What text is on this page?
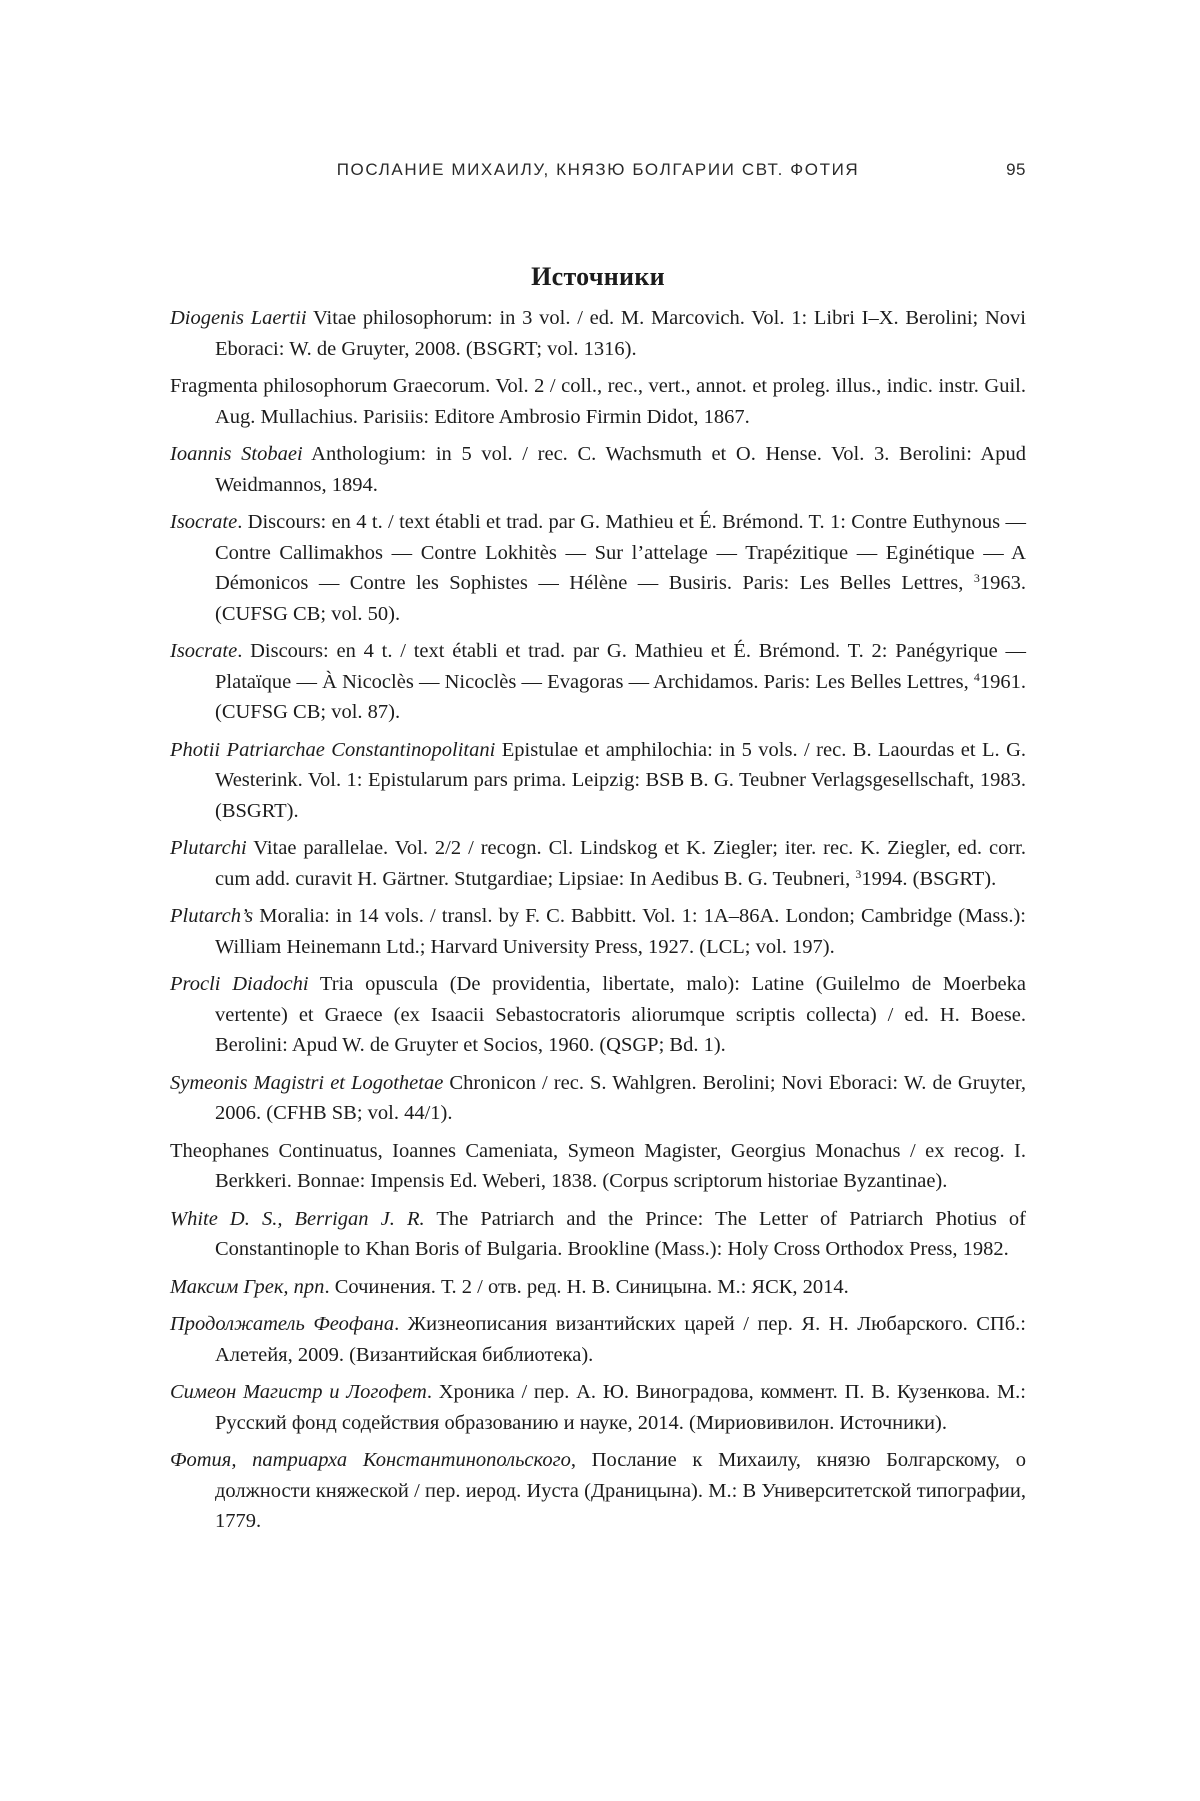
ПОСЛАНИЕ МИХАИЛУ, КНЯЗЮ БОЛГАРИИ СВТ. ФОТИЯ	95
Источники
Diogenis Laertii Vitae philosophorum: in 3 vol. / ed. M. Marcovich. Vol. 1: Libri I–X. Berolini; Novi Eboraci: W. de Gruyter, 2008. (BSGRT; vol. 1316).
Fragmenta philosophorum Graecorum. Vol. 2 / coll., rec., vert., annot. et proleg. illus., indic. instr. Guil. Aug. Mullachius. Parisiis: Editore Ambrosio Firmin Didot, 1867.
Ioannis Stobaei Anthologium: in 5 vol. / rec. C. Wachsmuth et O. Hense. Vol. 3. Berolini: Apud Weidmannos, 1894.
Isocrate. Discours: en 4 t. / text établi et trad. par G. Mathieu et É. Brémond. T. 1: Contre Euthynous — Contre Callimakhos — Contre Lokhitès — Sur l’attelage — Trapézitique — Eginétique — A Démonicos — Contre les Sophistes — Hélène — Busiris. Paris: Les Belles Lettres, $^3$1963. (CUFSG CB; vol. 50).
Isocrate. Discours: en 4 t. / text établi et trad. par G. Mathieu et É. Brémond. T. 2: Panégyrique — Plataïque — À Nicoclès — Nicoclès — Evagoras — Archidamos. Paris: Les Belles Lettres, $^4$1961. (CUFSG CB; vol. 87).
Photii Patriarchae Constantinopolitani Epistulae et amphilochia: in 5 vols. / rec. B. Laourdas et L. G. Westerink. Vol. 1: Epistularum pars prima. Leipzig: BSB B. G. Teubner Verlagsgesellschaft, 1983. (BSGRT).
Plutarchi Vitae parallelae. Vol. 2/2 / recogn. Cl. Lindskog et K. Ziegler; iter. rec. K. Ziegler, ed. corr. cum add. curavit H. Gärtner. Stutgardiae; Lipsiae: In Aedibus B. G. Teubneri, $^3$1994. (BSGRT).
Plutarch’s Moralia: in 14 vols. / transl. by F. C. Babbitt. Vol. 1: 1A–86A. London; Cambridge (Mass.): William Heinemann Ltd.; Harvard University Press, 1927. (LCL; vol. 197).
Procli Diadochi Tria opuscula (De providentia, libertate, malo): Latine (Guilelmo de Moerbeka vertente) et Graece (ex Isaacii Sebastocratoris aliorumque scriptis collecta) / ed. H. Boese. Berolini: Apud W. de Gruyter et Socios, 1960. (QSGP; Bd. 1).
Symeonis Magistri et Logothetae Chronicon / rec. S. Wahlgren. Berolini; Novi Eboraci: W. de Gruyter, 2006. (CFHB SB; vol. 44/1).
Theophanes Continuatus, Ioannes Cameniata, Symeon Magister, Georgius Monachus / ex recog. I. Berkkeri. Bonnae: Impensis Ed. Weberi, 1838. (Corpus scriptorum historiae Byzantinae).
White D. S., Berrigan J. R. The Patriarch and the Prince: The Letter of Patriarch Photius of Constantinople to Khan Boris of Bulgaria. Brookline (Mass.): Holy Cross Orthodox Press, 1982.
Максим Грек, прп. Сочинения. Т. 2 / отв. ред. Н. В. Синицына. М.: ЯСК, 2014.
Продолжатель Феофана. Жизнеописания византийских царей / пер. Я. Н. Любарского. СПб.: Алетейя, 2009. (Византийская библиотека).
Симеон Магистр и Логофет. Хроника / пер. А. Ю. Виноградова, коммент. П. В. Кузенкова. М.: Русский фонд содействия образованию и науке, 2014. (Мириовивилон. Источники).
Фотия, патриарха Константинопольского, Послание к Михаилу, князю Болгарскому, о должности княжеской / пер. иерод. Иуста (Драницына). М.: В Университетской типографии, 1779.
